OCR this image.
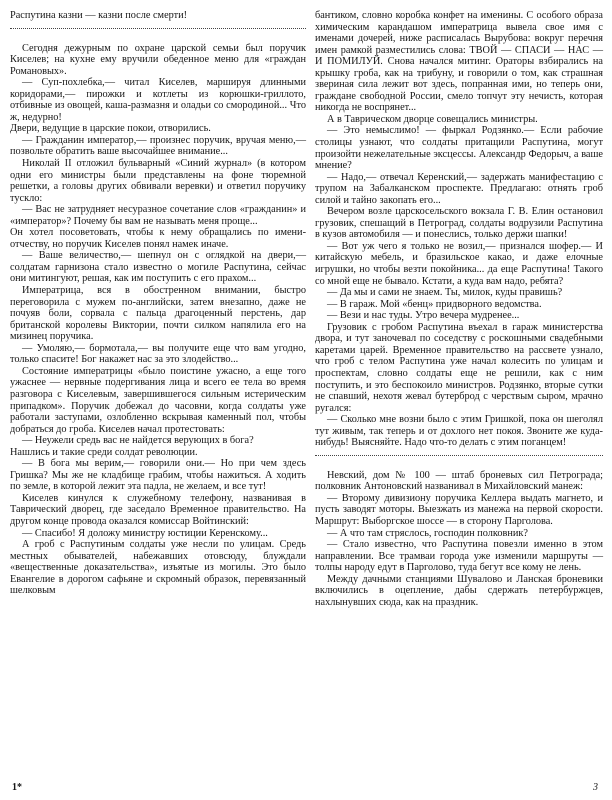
Распутина казни — казни после смерти!

Сегодня дежурным по охране царской семьи был поручик Киселев; на кухне ему вручили обеденное меню для «граждан Романовых».

— Суп-похлебка,— читал Киселев, маршируя длинными коридорами,— пирожки и котлеты из корюшки-гриллото, отбивные из овощей, каша-размазня и оладьи со смородиной... Что ж, недурно!

Двери, ведущие в царские покои, отворились.

— Гражданин император,— произнес поручик, вручая меню,— позвольте обратить ваше высочайшее внимание...

Николай II отложил бульварный «Синий журнал» (в котором одни его министры были представлены на фоне тюремной решетки, а головы других обвивали веревки) и ответил поручику тускло:

— Вас не затрудняет несуразное сочетание слов «гражданин» и «император»? Почему бы вам не называть меня проще...

Он хотел посоветовать, чтобы к нему обращались по имени-отчеству, но поручик Киселев понял намек иначе.

— Ваше величество,— шепнул он с оглядкой на двери,— солдатам гарнизона стало известно о могиле Распутина, сейчас они митингуют, решая, как им поступить с его прахом...

Императрица, вся в обостренном внимании, быстро переговорила с мужем по-английски, затем внезапно, даже не почуяв боли, сорвала с пальца драгоценный перстень, дар британской королевы Виктории, почти силком напялила его на мизинец поручика.

— Умоляю,— бормотала,— вы получите еще что вам угодно, только спасите! Бог накажет нас за это злодейство...

Состояние императрицы «было поистине ужасно, а еще того ужаснее — нервные подергивания лица и всего ее тела во время разговора с Киселевым, завершившегося сильным истерическим припадком». Поручик добежал до часовни, когда солдаты уже работали заступами, озлобленно вскрывая каменный пол, чтобы добраться до гроба. Киселев начал протестовать:

— Неужели средь вас не найдется верующих в бога?

Нашлись и такие среди солдат революции.

— В бога мы верим,— говорили они.— Но при чем здесь Гришка? Мы же не кладбище грабим, чтобы нажиться. А ходить по земле, в которой лежит эта падла, не желаем, и все тут!

Киселев кинулся к служебному телефону, названивая в Таврический дворец, где заседало Временное правительство. На другом конце провода оказался комиссар Войтинский:

— Спасибо! Я доложу министру юстиции Керенскому...

А гроб с Распутиным солдаты уже несли по улицам. Средь местных обывателей, набежавших отовсюду, блуждали «вещественные доказательства», изъятые из могилы. Это было Евангелие в дорогом сафьяне и скромный образок, перевязанный шелковым

бантиком, словно коробка конфет на именины. С особого образа химическим карандашом императрица вывела свое имя с именами дочерей, ниже расписалась Вырубова: вокруг перечня имен рамкой разместились слова: ТВОЙ — СПАСИ — НАС — И ПОМИЛУЙ. Снова начался митинг. Ораторы взбирались на крышку гроба, как на трибуну, и говорили о том, как страшная звериная сила лежит вот здесь, попранная ими, но теперь они, граждане свободной России, смело топчут эту нечисть, которая никогда не воспрянет...

А в Таврическом дворце совещались министры.

— Это немыслимо! — фыркал Родзянко.— Если рабочие столицы узнают, что солдаты притащили Распутина, могут произойти нежелательные эксцессы. Александр Федорыч, а ваше мнение?

— Надо,— отвечал Керенский,— задержать манифестацию с трупом на Забалканском проспекте. Предлагаю: отнять гроб силой и тайно закопать его...

Вечером возле царскосельского вокзала Г. В. Елин остановил грузовик, спешащий в Петроград, солдаты водрузили Распутина в кузов автомобиля — и понеслись, только держи шапки!

— Вот уж чего я только не возил,— признался шофер.— И китайскую мебель, и бразильское какао, и даже елочные игрушки, но чтобы везти покойника... да еще Распутина! Такого со мной еще не бывало. Кстати, а куда вам надо, ребята?

— Да мы и сами не знаем. Ты, милок, куды правишь?

— В гараж. Мой «бенц» придворного ведомства.

— Вези и нас туды. Утро вечера мудренее...

Грузовик с гробом Распутина въехал в гараж министерства двора, и тут заночевал по соседству с роскошными свадебными каретами царей. Временное правительство на рассвете узнало, что гроб с телом Распутина уже начал колесить по улицам и проспектам, словно солдаты еще не решили, как с ним поступить, и это беспокоило министров. Родзянко, вторые сутки не спавший, нехотя жевал бутерброд с черствым сыром, мрачно ругался:

— Сколько мне возни было с этим Гришкой, пока он шеголял тут живым, так теперь и от дохлого нет покоя. Звоните же куда-нибудь! Выясняйте. Надо что-то делать с этим поганцем!

Невский, дом № 100 — штаб броневых сил Петрограда; полковник Антоновский названивал в Михайловский манеж:

— Второму дивизиону поручика Келлера выдать магнето, и пусть заводят моторы. Выезжать из манежа на первой скорости. Маршрут: Выборгское шоссе — в сторону Парголова.

— А что там стряслось, господин полковник?

— Стало известно, что Распутина повезли именно в этом направлении. Все трамваи города уже изменили маршруты — толпы народу едут в Парголово, туда бегут все кому не лень.

Между дачными станциями Шувалово и Ланская броневики включились в оцепление, дабы сдержать петербуржцев, нахлынувших сюда, как на праздник.

1*	3
